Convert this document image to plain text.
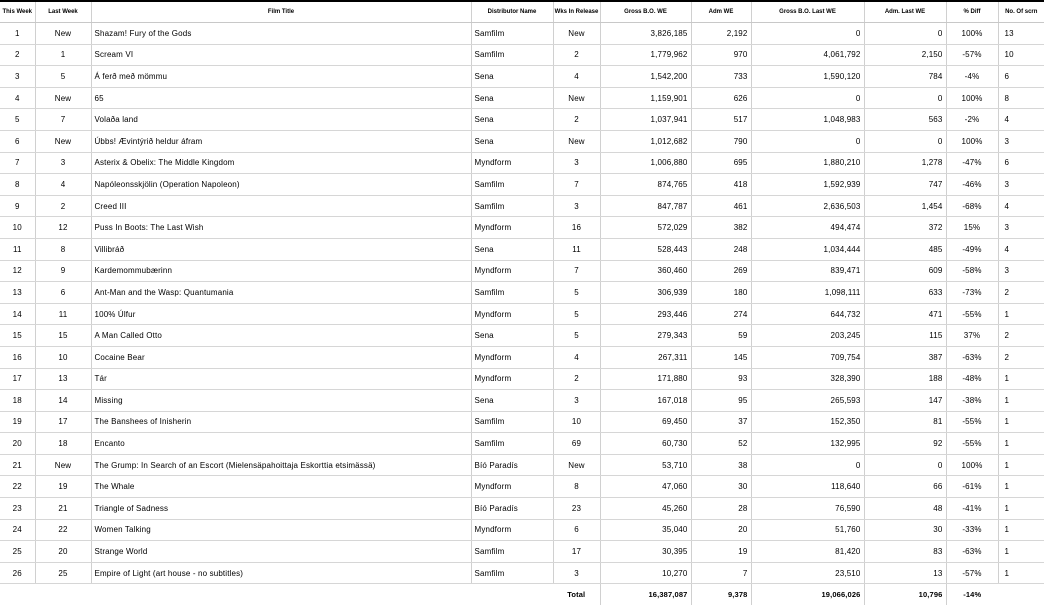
This Week	Last Week	Film Title	Distributor Name	Wks In Release	Gross B.O. WE	Adm WE	Gross B.O. Last WE	Adm. Last WE	% Diff	No. Of scrn
1	New	Shazam! Fury of the Gods	Samfilm	New	3,826,185	2,192	0	0	100%	13
2	1	Scream VI	Samfilm	2	1,779,962	970	4,061,792	2,150	-57%	10
3	5	Á ferð með mömmu	Sena	4	1,542,200	733	1,590,120	784	-4%	6
4	New	65	Sena	New	1,159,901	626	0	0	100%	8
5	7	Volaða land	Sena	2	1,037,941	517	1,048,983	563	-2%	4
6	New	Úbbs! Ævintýrið heldur áfram	Sena	New	1,012,682	790	0	0	100%	3
7	3	Asterix & Obelix: The Middle Kingdom	Myndform	3	1,006,880	695	1,880,210	1,278	-47%	6
8	4	Napóleonsskjölin (Operation Napoleon)	Samfilm	7	874,765	418	1,592,939	747	-46%	3
9	2	Creed III	Samfilm	3	847,787	461	2,636,503	1,454	-68%	4
10	12	Puss In Boots: The Last Wish	Myndform	16	572,029	382	494,474	372	15%	3
11	8	Villibráð	Sena	11	528,443	248	1,034,444	485	-49%	4
12	9	Kardemommubærinn	Myndform	7	360,460	269	839,471	609	-58%	3
13	6	Ant-Man and the Wasp: Quantumania	Samfilm	5	306,939	180	1,098,111	633	-73%	2
14	11	100% Úlfur	Myndform	5	293,446	274	644,732	471	-55%	1
15	15	A Man Called Otto	Sena	5	279,343	59	203,245	115	37%	2
16	10	Cocaine Bear	Myndform	4	267,311	145	709,754	387	-63%	2
17	13	Tár	Myndform	2	171,880	93	328,390	188	-48%	1
18	14	Missing	Sena	3	167,018	95	265,593	147	-38%	1
19	17	The Banshees of Inisherin	Samfilm	10	69,450	37	152,350	81	-55%	1
20	18	Encanto	Samfilm	69	60,730	52	132,995	92	-55%	1
21	New	The Grump: In Search of an Escort (Mielensäpahoittaja Eskorttia etsimässä)	Bíó Paradís	New	53,710	38	0	0	100%	1
22	19	The Whale	Myndform	8	47,060	30	118,640	66	-61%	1
23	21	Triangle of Sadness	Bíó Paradís	23	45,260	28	76,590	48	-41%	1
24	22	Women Talking	Myndform	6	35,040	20	51,760	30	-33%	1
25	20	Strange World	Samfilm	17	30,395	19	81,420	83	-63%	1
26	25	Empire of Light (art house - no subtitles)	Samfilm	3	10,270	7	23,510	13	-57%	1
				Total	16,387,087	9,378	19,066,026	10,796	-14%	
